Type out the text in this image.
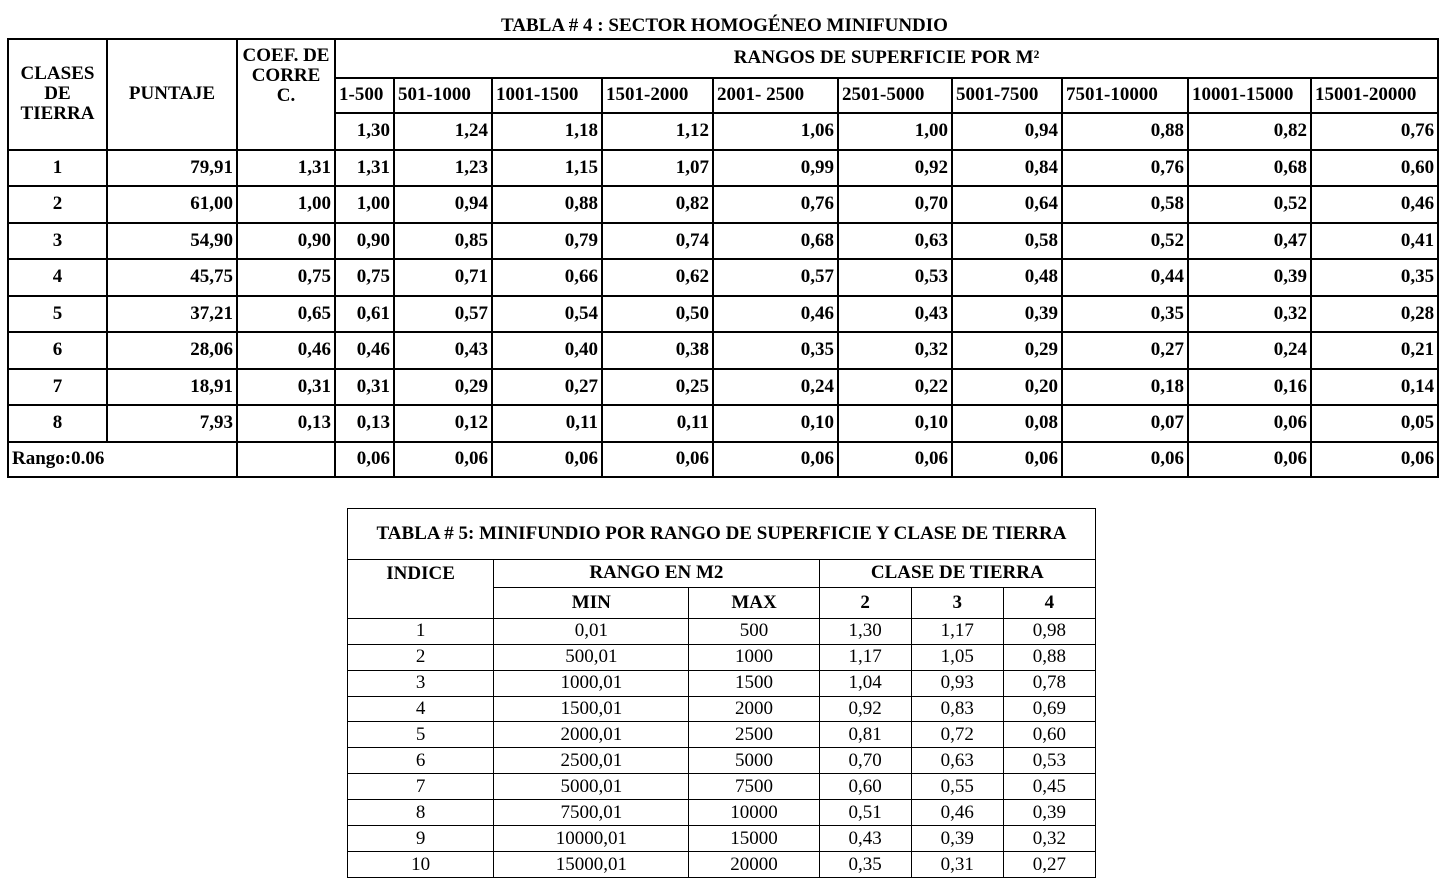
TABLA # 4 : SECTOR HOMOGÉNEO MINIFUNDIO
CLASES DE TIERRA	PUNTAJE	COEF. DE CORRE C.	RANGOS DE SUPERFICIE POR M²									
			1-500	501-1000	1001-1500	1501-2000	2001- 2500	2501-5000	5001-7500	7501-10000	10001-15000	15001-20000
			1,30	1,24	1,18	1,12	1,06	1,00	0,94	0,88	0,82	0,76
1	79,91	1,31	1,31	1,23	1,15	1,07	0,99	0,92	0,84	0,76	0,68	0,60
2	61,00	1,00	1,00	0,94	0,88	0,82	0,76	0,70	0,64	0,58	0,52	0,46
3	54,90	0,90	0,90	0,85	0,79	0,74	0,68	0,63	0,58	0,52	0,47	0,41
4	45,75	0,75	0,75	0,71	0,66	0,62	0,57	0,53	0,48	0,44	0,39	0,35
5	37,21	0,65	0,61	0,57	0,54	0,50	0,46	0,43	0,39	0,35	0,32	0,28
6	28,06	0,46	0,46	0,43	0,40	0,38	0,35	0,32	0,29	0,27	0,24	0,21
7	18,91	0,31	0,31	0,29	0,27	0,25	0,24	0,22	0,20	0,18	0,16	0,14
8	7,93	0,13	0,13	0,12	0,11	0,11	0,10	0,10	0,08	0,07	0,06	0,05
Rango:0.06			0,06	0,06	0,06	0,06	0,06	0,06	0,06	0,06	0,06	0,06
TABLA # 5: MINIFUNDIO POR RANGO DE SUPERFICIE Y CLASE DE TIERRA					
INDICE	RANGO EN M2		CLASE DE TIERRA		
	MIN	MAX	2	3	4
1	0,01	500	1,30	1,17	0,98
2	500,01	1000	1,17	1,05	0,88
3	1000,01	1500	1,04	0,93	0,78
4	1500,01	2000	0,92	0,83	0,69
5	2000,01	2500	0,81	0,72	0,60
6	2500,01	5000	0,70	0,63	0,53
7	5000,01	7500	0,60	0,55	0,45
8	7500,01	10000	0,51	0,46	0,39
9	10000,01	15000	0,43	0,39	0,32
10	15000,01	20000	0,35	0,31	0,27
